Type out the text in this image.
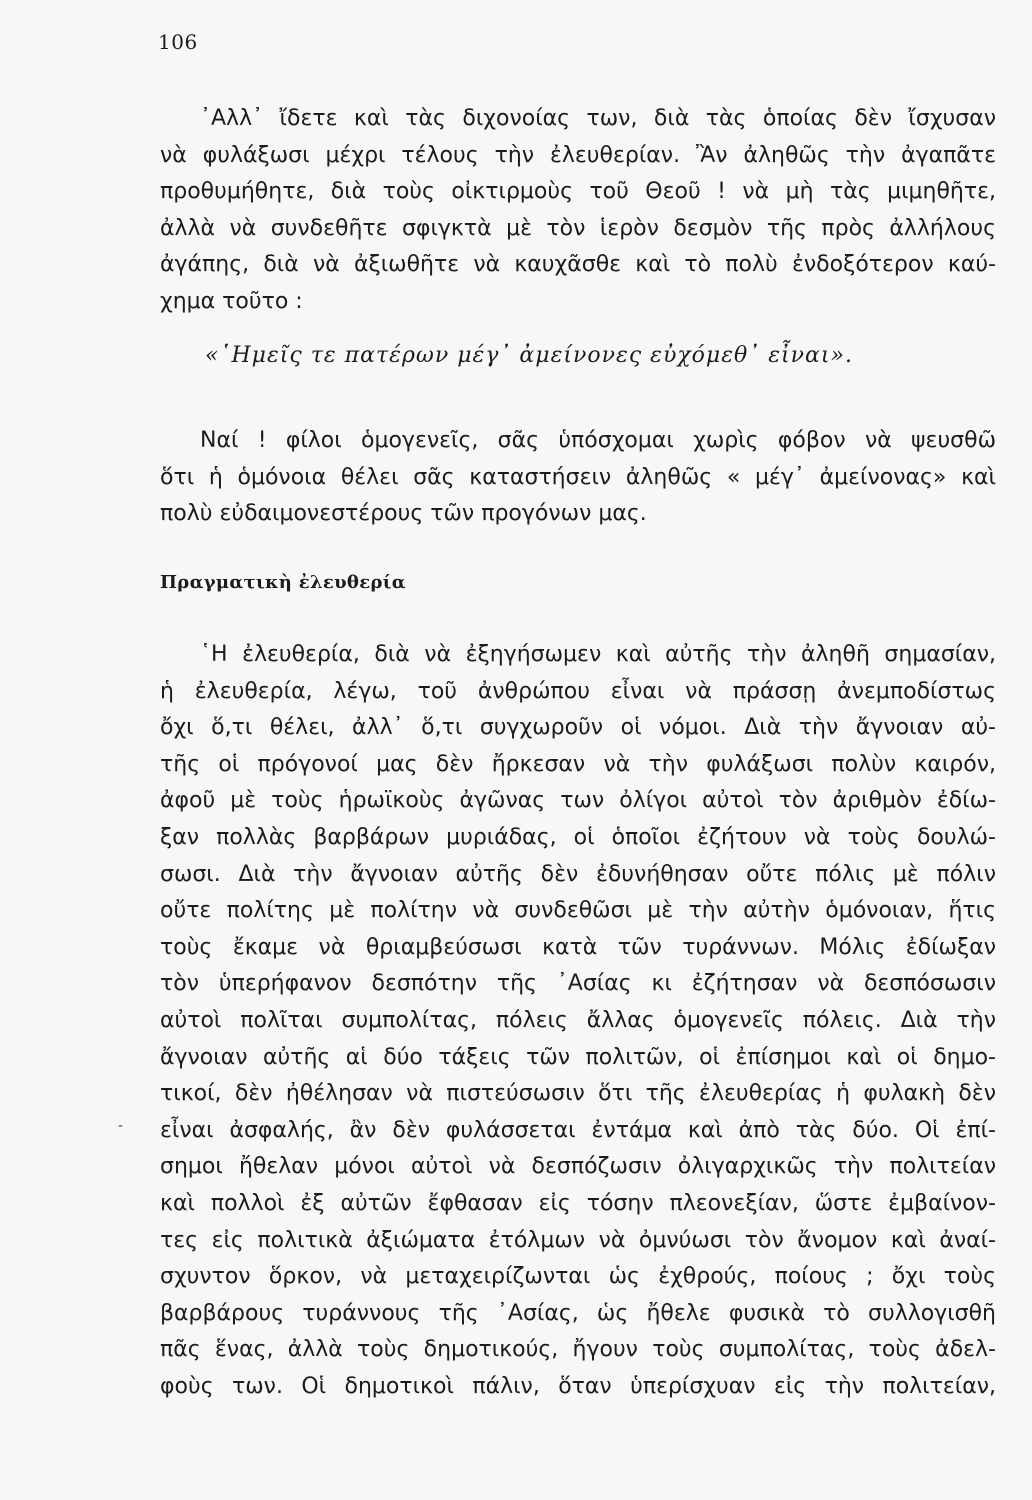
106
᾿Αλλ᾿ ἴδετε καὶ τὰς διχονοίας των, διὰ τὰς ὁποίας δὲν ἴσχυσαν
νὰ φυλάξωσι μέχρι τέλους τὴν ἐλευθερίαν. Ἂν ἀληθῶς τὴν ἀγαπᾶτε
προθυμήθητε, διὰ τοὺς οἰκτιρμοὺς τοῦ Θεοῦ ! νὰ μὴ τὰς μιμηθῆτε,
ἀλλὰ νὰ συνδεθῆτε σφιγκτὰ μὲ τὸν ἱερὸν δεσμὸν τῆς πρὸς ἀλλήλους
ἀγάπης, διὰ νὰ ἀξιωθῆτε νὰ καυχᾶσθε καὶ τὸ πολὺ ἐνδοξότερον καύ-
χημα τοῦτο :
«῾Ημεῖς τε πατέρων μέγ᾿ ἀμείνονες εὐχόμεθ᾿ εἶναι».
Ναί ! φίλοι ὁμογενεῖς, σᾶς ὑπόσχομαι χωρὶς φόβον νὰ ψευσθῶ
ὅτι ἡ ὁμόνοια θέλει σᾶς καταστήσειν ἀληθῶς « μέγ᾿ ἀμείνονας» καὶ
πολὺ εὐδαιμονεστέρους τῶν προγόνων μας.
Πραγματικὴ ἐλευθερία
῾Η ἐλευθερία, διὰ νὰ ἐξηγήσωμεν καὶ αὐτῆς τὴν ἀληθῆ σημασίαν,
ἡ ἐλευθερία, λέγω, τοῦ ἀνθρώπου εἶναι νὰ πράσσῃ ἀνεμποδίστως
ὄχι ὅ,τι θέλει, ἀλλ᾿ ὅ,τι συγχωροῦν οἱ νόμοι. Διὰ τὴν ἄγνοιαν αὐ-
τῆς οἱ πρόγονοί μας δὲν ἤρκεσαν νὰ τὴν φυλάξωσι πολὺν καιρόν,
ἀφοῦ μὲ τοὺς ἡρωϊκοὺς ἀγῶνας των ὀλίγοι αὐτοὶ τὸν ἀριθμὸν ἐδίω-
ξαν πολλὰς βαρβάρων μυριάδας, οἱ ὁποῖοι ἐζήτουν νὰ τοὺς δουλώ-
σωσι. Διὰ τὴν ἄγνοιαν αὐτῆς δὲν ἐδυνήθησαν οὔτε πόλις μὲ πόλιν
οὔτε πολίτης μὲ πολίτην νὰ συνδεθῶσι μὲ τὴν αὐτὴν ὁμόνοιαν, ἥτις
τοὺς ἔκαμε νὰ θριαμβεύσωσι κατὰ τῶν τυράννων. Μόλις ἐδίωξαν
τὸν ὑπερήφανον δεσπότην τῆς ᾿Ασίας κι ἐζήτησαν νὰ δεσπόσωσιν
αὐτοὶ πολῖται συμπολίτας, πόλεις ἄλλας ὁμογενεῖς πόλεις. Διὰ τὴν
ἄγνοιαν αὐτῆς αἱ δύο τάξεις τῶν πολιτῶν, οἱ ἐπίσημοι καὶ οἱ δημο-
τικοί, δὲν ἠθέλησαν νὰ πιστεύσωσιν ὅτι τῆς ἐλευθερίας ἡ φυλακὴ δὲν
εἶναι ἀσφαλής, ἂν δὲν φυλάσσεται ἐντάμα καὶ ἀπὸ τὰς δύο. Οἱ ἐπί-
σημοι ἤθελαν μόνοι αὐτοὶ νὰ δεσπόζωσιν ὀλιγαρχικῶς τὴν πολιτείαν
καὶ πολλοὶ ἐξ αὐτῶν ἔφθασαν εἰς τόσην πλεονεξίαν, ὥστε ἐμβαίνον-
τες εἰς πολιτικὰ ἀξιώματα ἐτόλμων νὰ ὀμνύωσι τὸν ἄνομον καὶ ἀναί-
σχυντον ὅρκον, νὰ μεταχειρίζωνται ὡς ἐχθρούς, ποίους ; ὄχι τοὺς
βαρβάρους τυράννους τῆς ᾿Ασίας, ὡς ἤθελε φυσικὰ τὸ συλλογισθῆ
πᾶς ἕνας, ἀλλὰ τοὺς δημοτικούς, ἤγουν τοὺς συμπολίτας, τοὺς ἀδελ-
φοὺς των. Οἱ δημοτικοὶ πάλιν, ὅταν ὑπερίσχυαν εἰς τὴν πολιτείαν,
-
